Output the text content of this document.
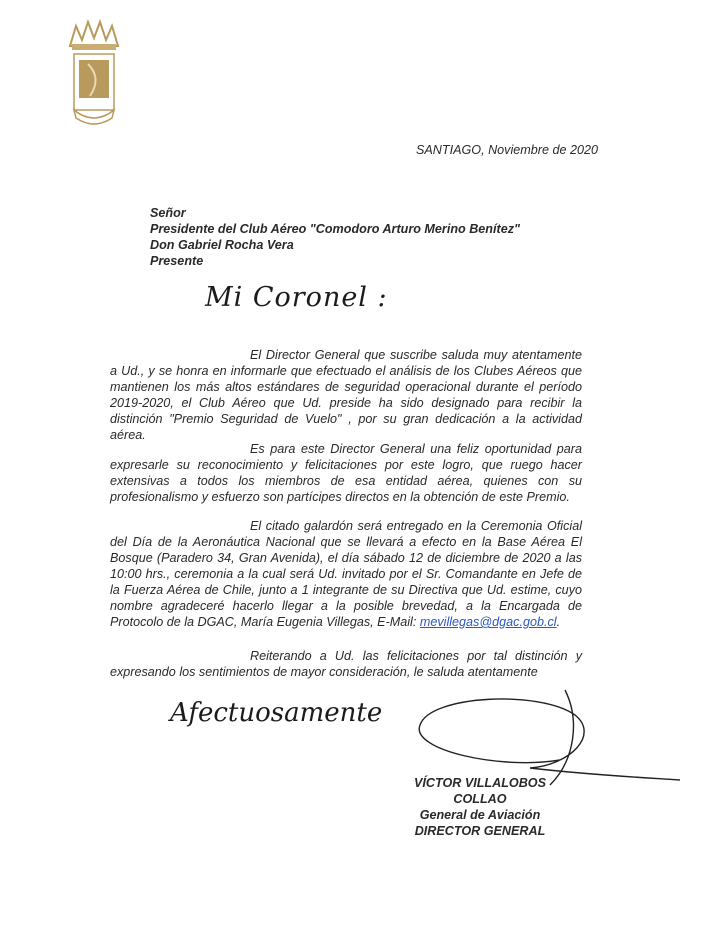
SANTIAGO, Noviembre de 2020
Señor
Presidente del Club Aéreo "Comodoro Arturo Merino Benítez"
Don Gabriel Rocha Vera
Presente
Mi Coronel :
El Director General que suscribe saluda muy atentamente a Ud., y se honra en informarle que efectuado el análisis de los Clubes Aéreos que mantienen los más altos estándares de seguridad operacional durante el período 2019-2020, el Club Aéreo que Ud. preside ha sido designado para recibir la distinción "Premio Seguridad de Vuelo" , por su gran dedicación a la actividad aérea.
Es para este Director General una feliz oportunidad para expresarle su reconocimiento y felicitaciones por este logro, que ruego hacer extensivas a todos los miembros de esa entidad aérea, quienes con su profesionalismo y esfuerzo son partícipes directos en la obtención de este Premio.
El citado galardón será entregado en la Ceremonia Oficial del Día de la Aeronáutica Nacional que se llevará a efecto en la Base Aérea El Bosque (Paradero 34, Gran Avenida), el día sábado 12 de diciembre de 2020 a las 10:00 hrs., ceremonia a la cual será Ud. invitado por el Sr. Comandante en Jefe de la Fuerza Aérea de Chile, junto a 1 integrante de su Directiva que Ud. estime, cuyo nombre agradeceré hacerlo llegar a la posible brevedad, a la Encargada de Protocolo de la DGAC, María Eugenia Villegas, E-Mail: mevillegas@dgac.gob.cl.
Reiterando a Ud. las felicitaciones por tal distinción y expresando los sentimientos de mayor consideración, le saluda atentamente
Afectuosamente
VÍCTOR VILLALOBOS COLLAO
General de Aviación
DIRECTOR GENERAL
